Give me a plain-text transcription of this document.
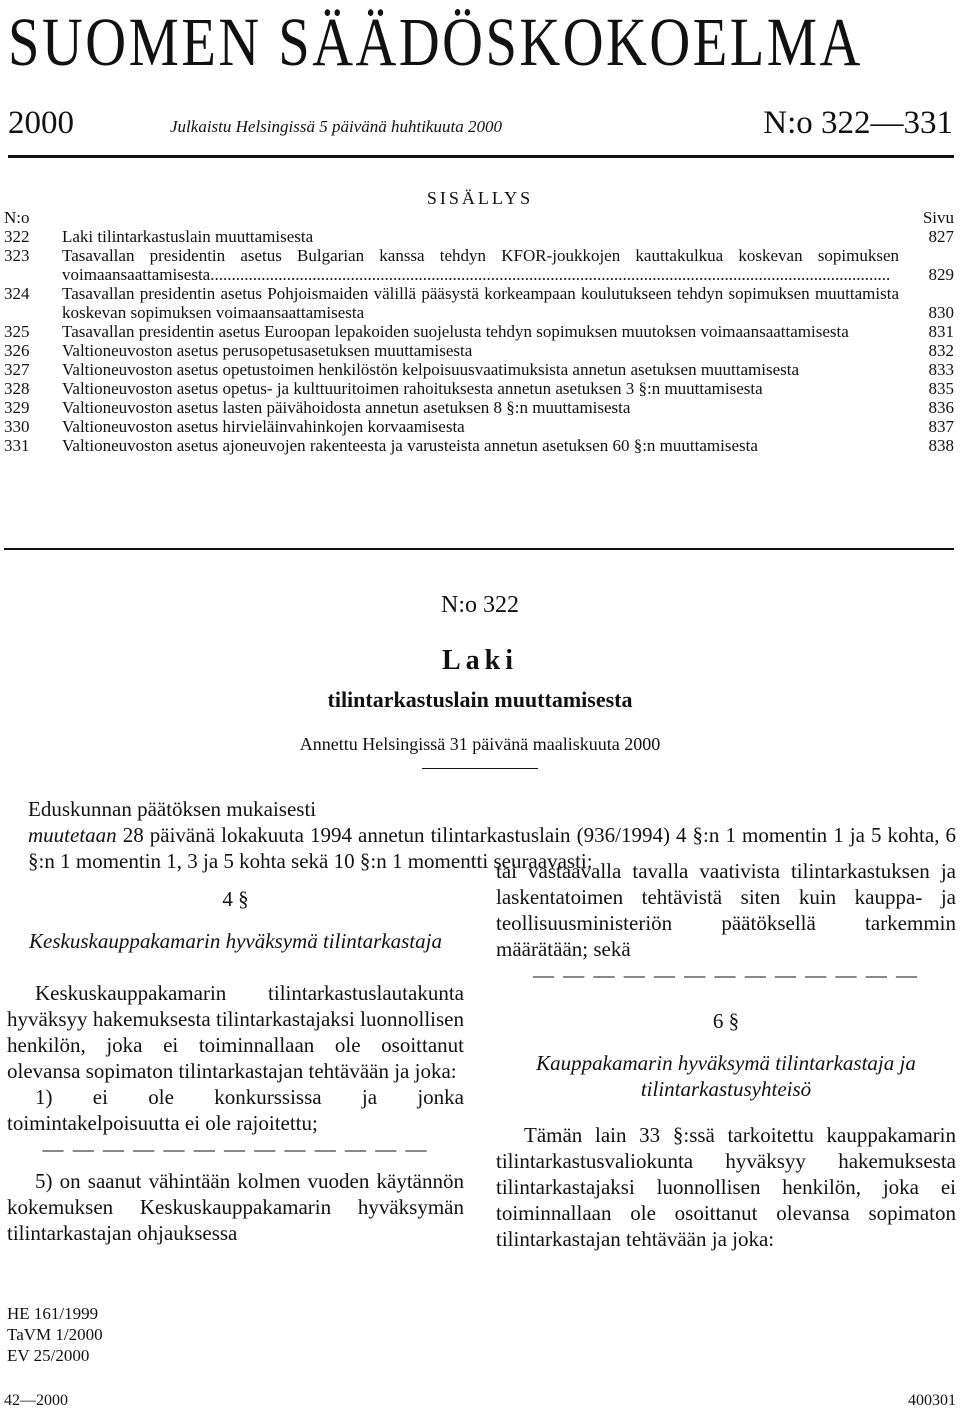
SUOMEN SÄÄDÖSKOKOELMA
2000	Julkaistu Helsingissä 5 päivänä huhtikuuta 2000	N:o 322—331
SISÄLLYS
N:o	Sivu
322	Laki tilintarkastuslain muuttamisesta	827
323	Tasavallan presidentin asetus Bulgarian kanssa tehdyn KFOR-joukkojen kauttakulkua koskevan sopimuksen voimaansaattamisesta................................................................................................................................................................	829
324	Tasavallan presidentin asetus Pohjoismaiden välillä pääsystä korkeampaan koulutukseen tehdyn sopimuksen muuttamista koskevan sopimuksen voimaansaattamisesta	830
325	Tasavallan presidentin asetus Euroopan lepakoiden suojelusta tehdyn sopimuksen muutoksen voimaansaattamisesta	831
326	Valtioneuvoston asetus perusopetusasetuksen muuttamisesta	832
327	Valtioneuvoston asetus opetustoimen henkilöstön kelpoisuusvaatimuksista annetun asetuksen muuttamisesta	833
328	Valtioneuvoston asetus opetus- ja kulttuuritoimen rahoituksesta annetun asetuksen 3 §:n muuttamisesta	835
329	Valtioneuvoston asetus lasten päivähoidosta annetun asetuksen 8 §:n muuttamisesta	836
330	Valtioneuvoston asetus hirvieläinvahinkojen korvaamisesta	837
331	Valtioneuvoston asetus ajoneuvojen rakenteesta ja varusteista annetun asetuksen 60 §:n muuttamisesta	838
N:o 322
Laki
tilintarkastuslain muuttamisesta
Annettu Helsingissä 31 päivänä maaliskuuta 2000
Eduskunnan päätöksen mukaisesti
muutetaan 28 päivänä lokakuuta 1994 annetun tilintarkastuslain (936/1994) 4 §:n 1 momentin 1 ja 5 kohta, 6 §:n 1 momentin 1, 3 ja 5 kohta sekä 10 §:n 1 momentti seuraavasti:

4 §

Keskuskauppakamarin hyväksymä tilintarkastaja

Keskuskauppakamarin tilintarkastuslautakunta hyväksyy hakemuksesta tilintarkastajaksi luonnollisen henkilön, joka ei toiminnallaan ole osoittanut olevansa sopimaton tilintarkastajan tehtävään ja joka:

1) ei ole konkurssissa ja jonka toimintakelpoisuutta ei ole rajoitettu;

— — — — — — — — — — — — —

5) on saanut vähintään kolmen vuoden käytännön kokemuksen Keskuskauppakamarin hyväksymän tilintarkastajan ohjauksessa

tai vastaavalla tavalla vaativista tilintarkastuksen ja laskentatoimen tehtävistä siten kuin kauppa- ja teollisuusministeriön päätöksellä tarkemmin määrätään; sekä

— — — — — — — — — — — — —

6 §

Kauppakamarin hyväksymä tilintarkastaja ja tilintarkastusyhteisö

Tämän lain 33 §:ssä tarkoitettu kauppakamarin tilintarkastusvaliokunta hyväksyy hakemuksesta tilintarkastajaksi luonnollisen henkilön, joka ei toiminnallaan ole osoittanut olevansa sopimaton tilintarkastajan tehtävään ja joka:

HE 161/1999
TaVM 1/2000
EV 25/2000
42—2000	400301
